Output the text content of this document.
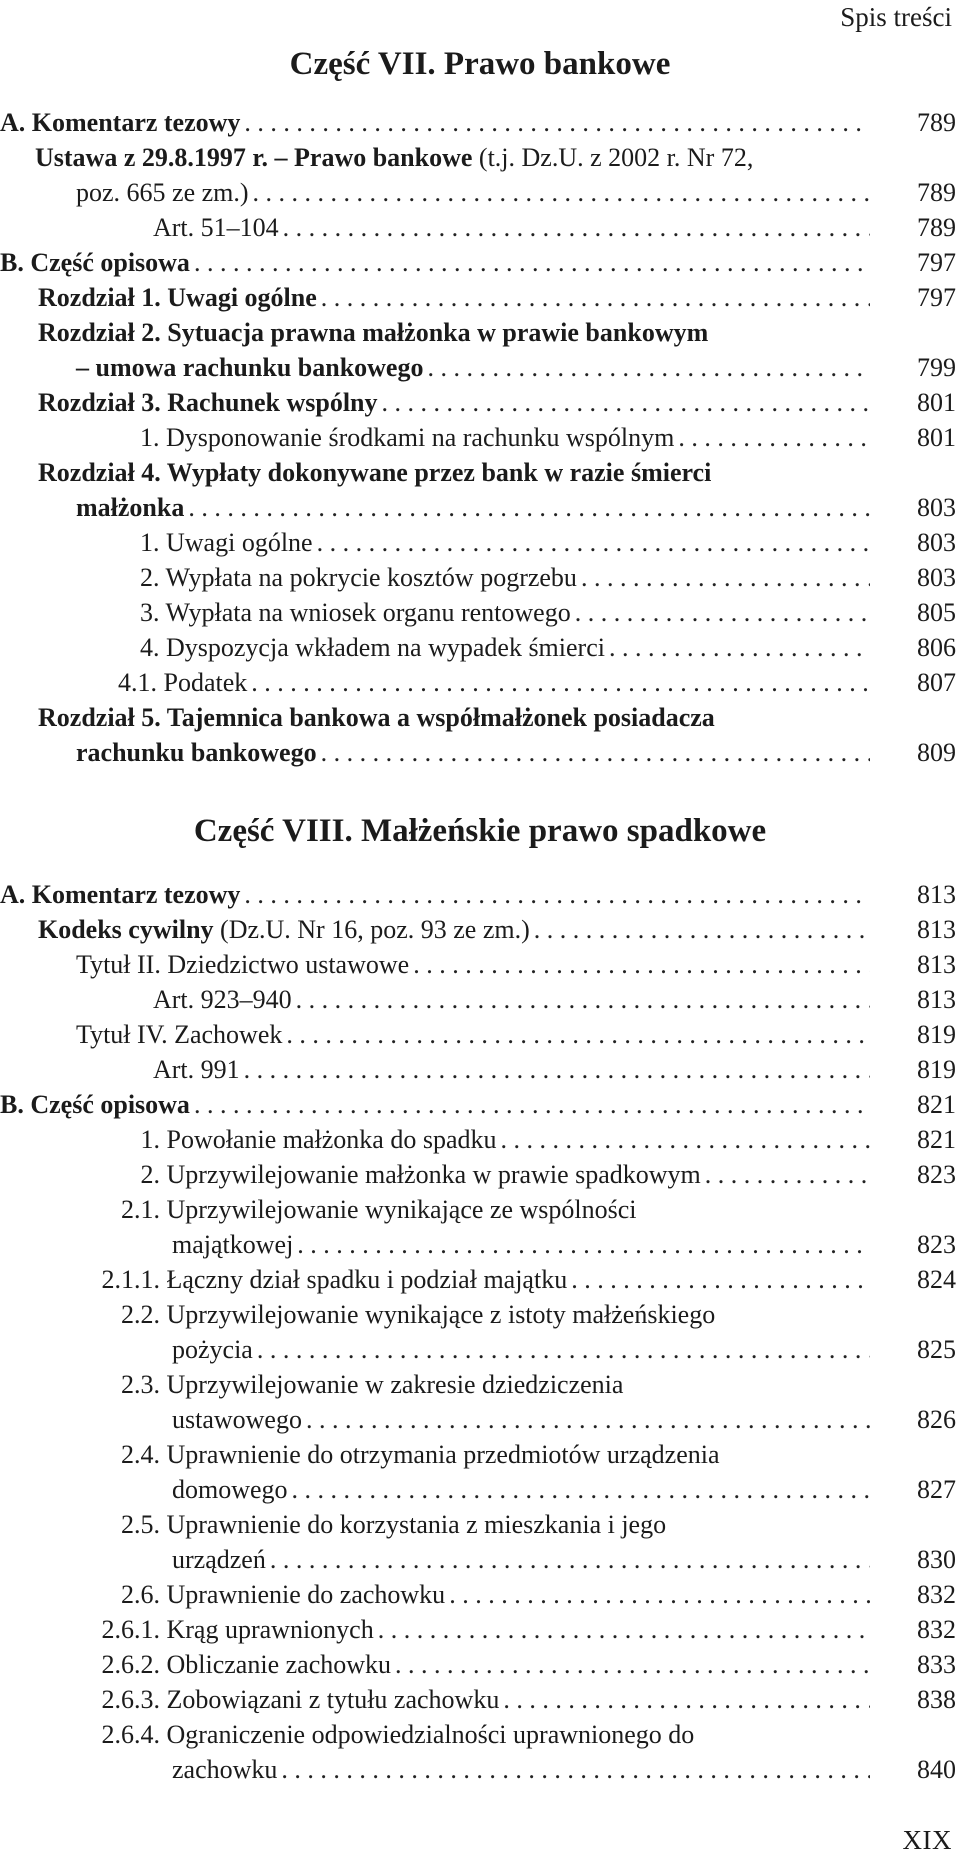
Spis treści
Część VII. Prawo bankowe
A. Komentarz tezowy . . .	789
Ustawa z 29.8.1997 r. – Prawo bankowe (t.j. Dz.U. z 2002 r. Nr 72,
poz. 665 ze zm.) . . .	789
Art. 51–104 . . .	789
B. Część opisowa . . .	797
Rozdział 1. Uwagi ogólne . . .	797
Rozdział 2. Sytuacja prawna małżonka w prawie bankowym
– umowa rachunku bankowego . . .	799
Rozdział 3. Rachunek wspólny . . .	801
1. Dysponowanie środkami na rachunku wspólnym . . .	801
Rozdział 4. Wypłaty dokonywane przez bank w razie śmierci
małżonka . . .	803
1. Uwagi ogólne . . .	803
2. Wypłata na pokrycie kosztów pogrzebu . . .	803
3. Wypłata na wniosek organu rentowego . . .	805
4. Dyspozycja wkładem na wypadek śmierci . . .	806
4.1. Podatek . . .	807
Rozdział 5. Tajemnica bankowa a współmałżonek posiadacza
rachunku bankowego . . .	809
Część VIII. Małżeńskie prawo spadkowe
A. Komentarz tezowy . . .	813
Kodeks cywilny (Dz.U. Nr 16, poz. 93 ze zm.) . . .	813
Tytuł II. Dziedzictwo ustawowe . . .	813
Art. 923–940 . . .	813
Tytuł IV. Zachowek . . .	819
Art. 991 . . .	819
B. Część opisowa . . .	821
1. Powołanie małżonka do spadku . . .	821
2. Uprzywilejowanie małżonka w prawie spadkowym . . .	823
2.1. Uprzywilejowanie wynikające ze wspólności
majątkowej . . .	823
2.1.1. Łączny dział spadku i podział majątku . . .	824
2.2. Uprzywilejowanie wynikające z istoty małżeńskiego
pożycia . . .	825
2.3. Uprzywilejowanie w zakresie dziedziczenia
ustawowego . . .	826
2.4. Uprawnienie do otrzymania przedmiotów urządzenia
domowego . . .	827
2.5. Uprawnienie do korzystania z mieszkania i jego
urządzeń . . .	830
2.6. Uprawnienie do zachowku . . .	832
2.6.1. Krąg uprawnionych . . .	832
2.6.2. Obliczanie zachowku . . .	833
2.6.3. Zobowiązani z tytułu zachowku . . .	838
2.6.4. Ograniczenie odpowiedzialności uprawnionego do
zachowku . . .	840
XIX
